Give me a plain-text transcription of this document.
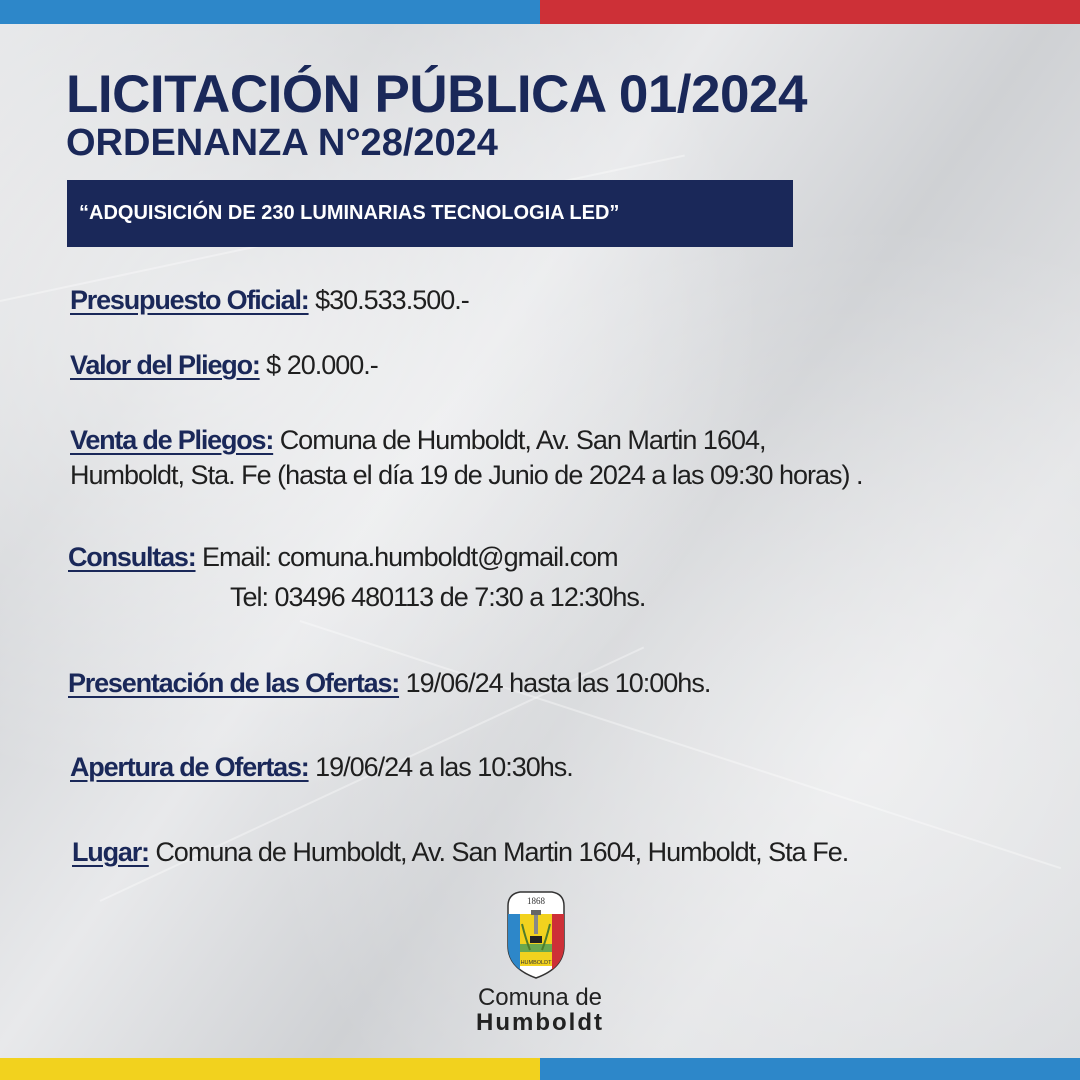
LICITACIÓN PÚBLICA 01/2024
ORDENANZA N°28/2024
“ADQUISICIÓN DE 230 LUMINARIAS TECNOLOGIA LED”
Presupuesto Oficial: $30.533.500.-
Valor del Pliego: $ 20.000.-
Venta de Pliegos: Comuna de Humboldt, Av. San Martin 1604,
Humboldt, Sta. Fe (hasta el día 19 de Junio de 2024 a las 09:30 horas) .
Consultas: Email: comuna.humboldt@gmail.com
Tel: 03496 480113 de 7:30 a 12:30hs.
Presentación de las Ofertas: 19/06/24 hasta las 10:00hs.
Apertura de Ofertas: 19/06/24 a las 10:30hs.
Lugar: Comuna de Humboldt, Av. San Martin 1604, Humboldt, Sta Fe.
1868
HUMBOLDT
Comuna de
Humboldt
